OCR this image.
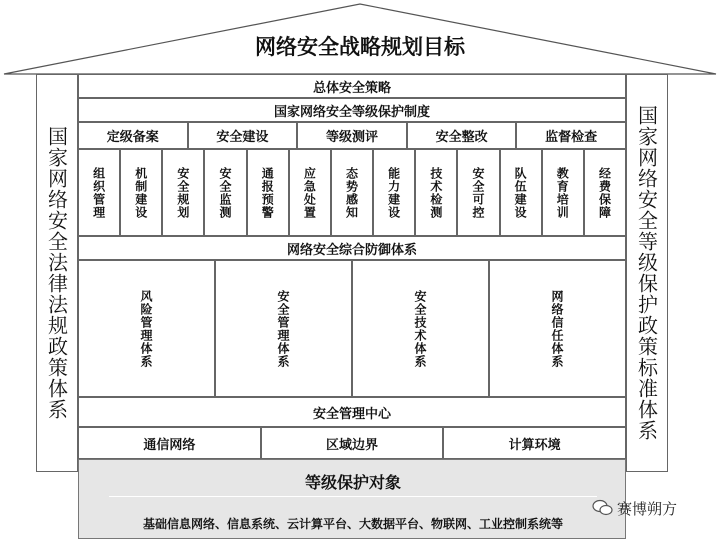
网络安全战略规划目标
国家网络安全法律法规政策体系	国家网络安全等级保护政策标准体系
总体安全策略
国家网络安全等级保护制度
定级备案	安全建设	等级测评	安全整改	监督检查
组织管理 机制建设 安全规划 安全监测 通报预警 应急处置 态势感知 能力建设 技术检测 安全可控 队伍建设 教育培训 经费保障
网络安全综合防御体系
风险管理体系	安全管理体系	安全技术体系	网络信任体系
安全管理中心
通信网络	区域边界	计算环境
等级保护对象
基础信息网络、信息系统、云计算平台、大数据平台、物联网、工业控制系统等
赛博朔方
